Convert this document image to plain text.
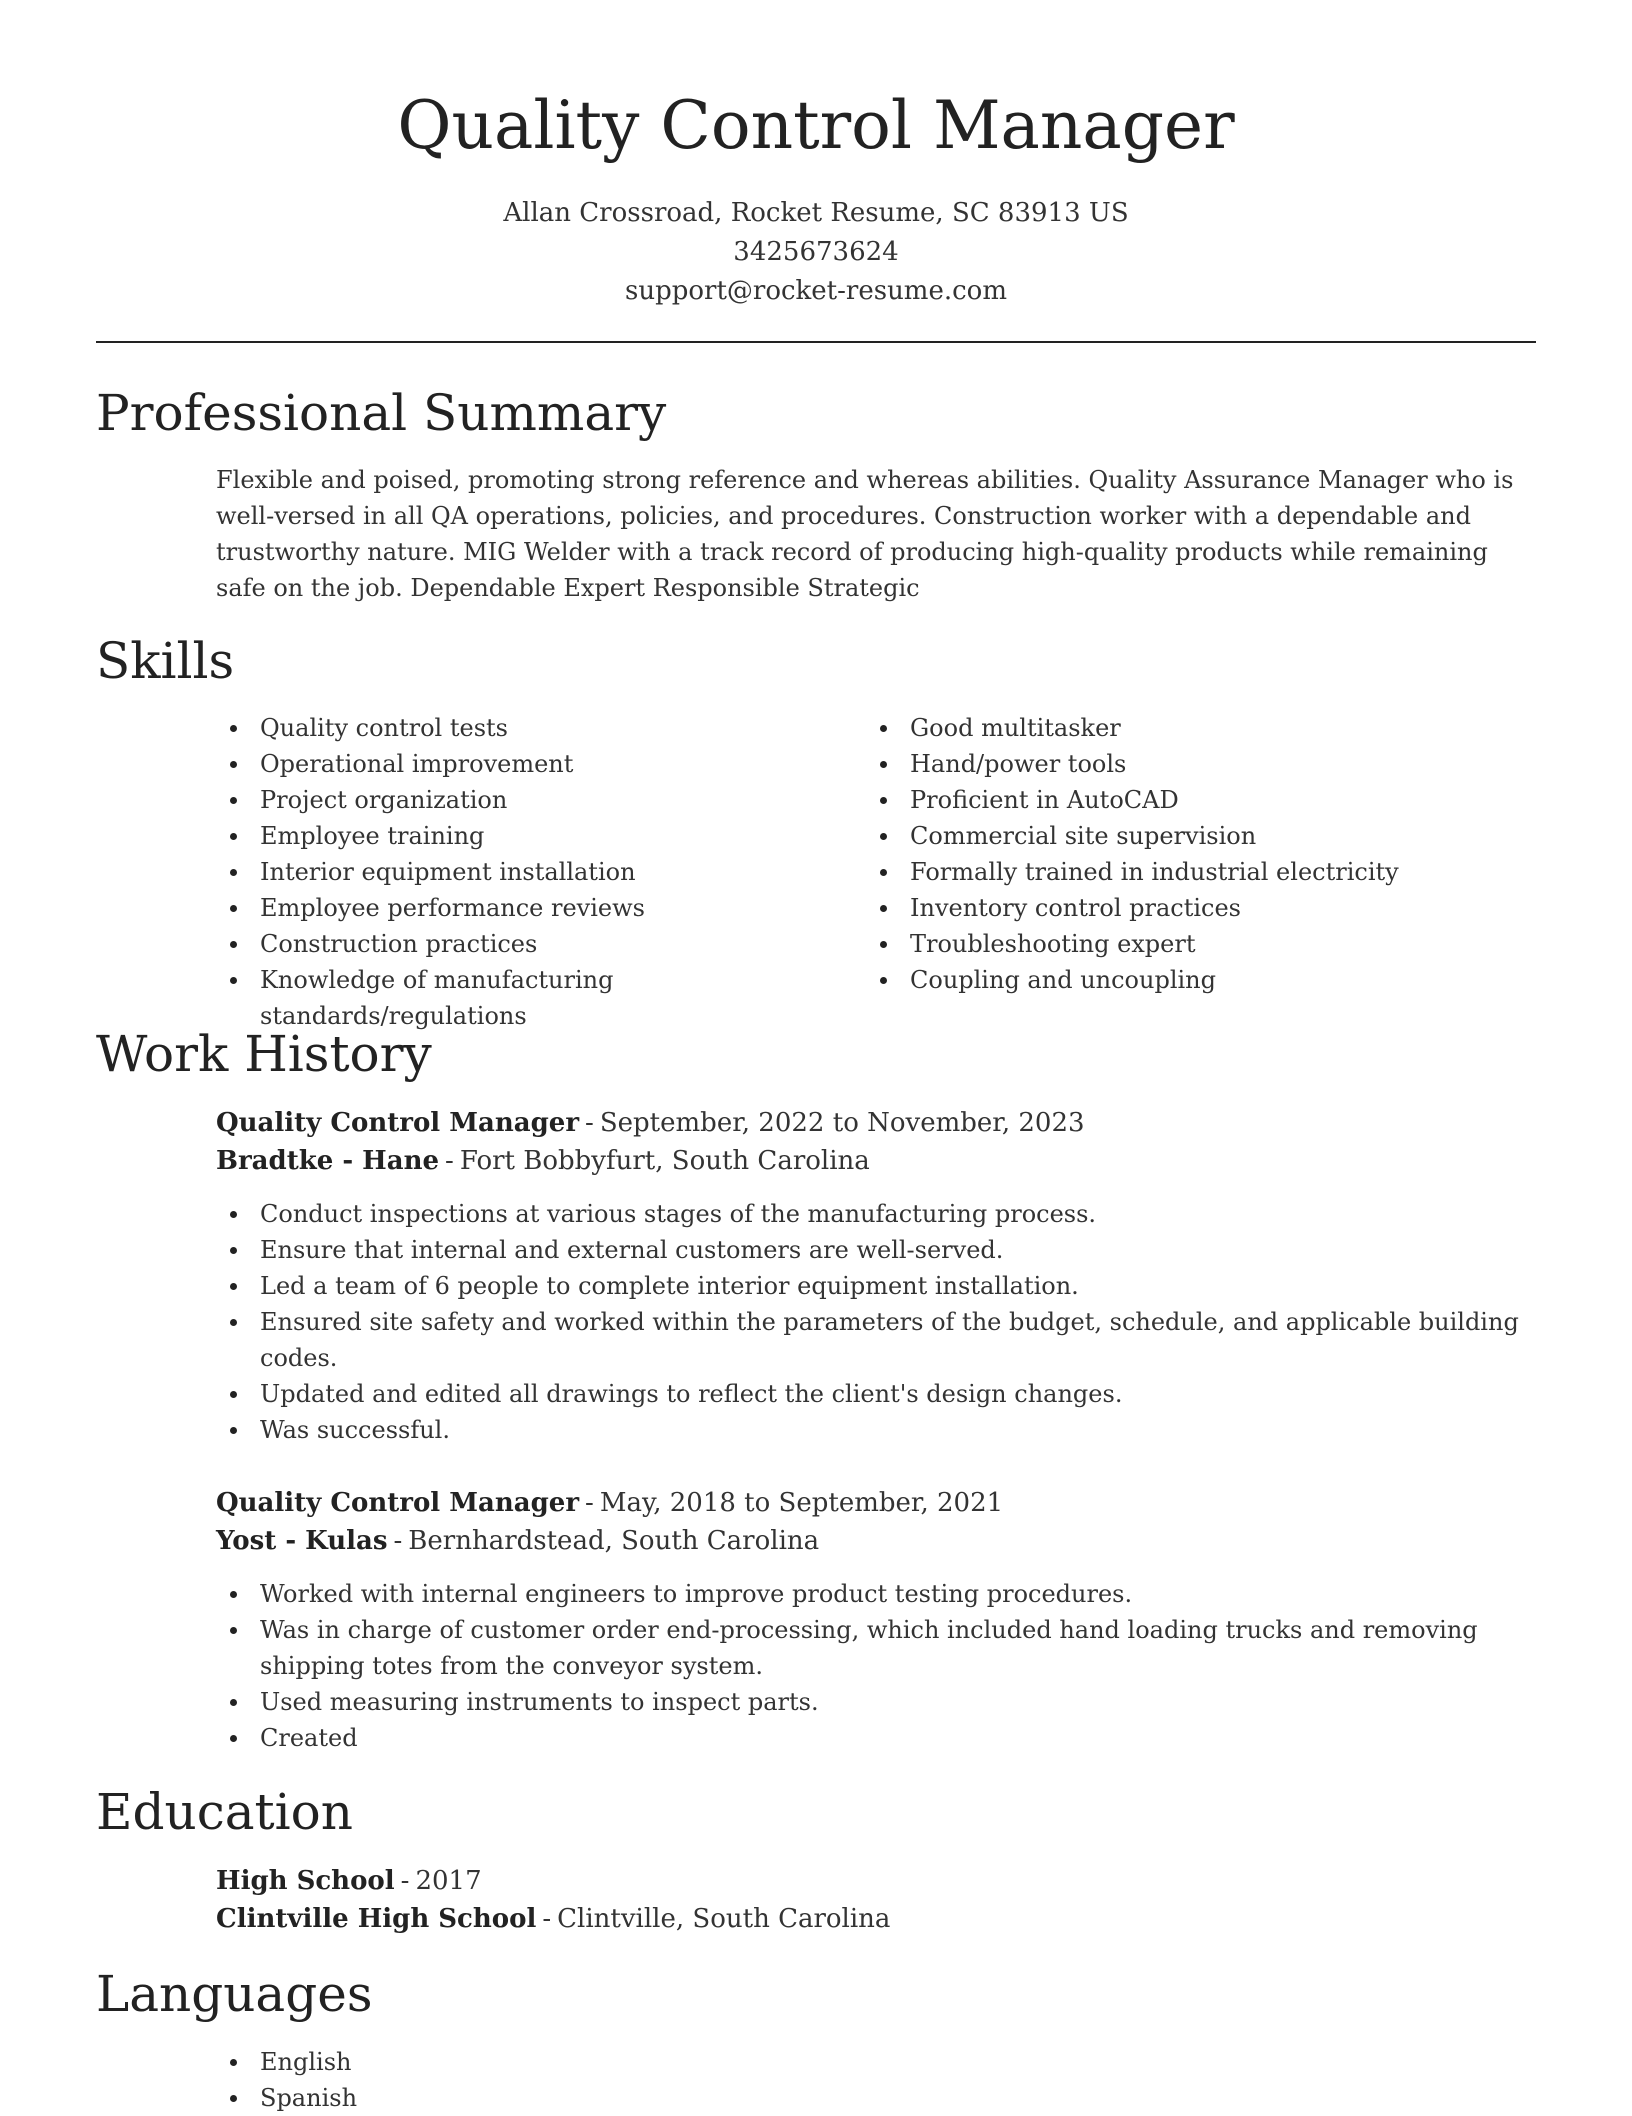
Quality Control Manager
Allan Crossroad, Rocket Resume, SC 83913 US
3425673624
support@rocket-resume.com
Professional Summary

Flexible and poised, promoting strong reference and whereas abilities. Quality Assurance Manager who is well-versed in all QA operations, policies, and procedures. Construction worker with a dependable and trustworthy nature. MIG Welder with a track record of producing high-quality products while remaining safe on the job. Dependable Expert Responsible Strategic

Skills
Quality control tests
Operational improvement
Project organization
Employee training
Interior equipment installation
Employee performance reviews
Construction practices
Knowledge of manufacturing standards/regulations
Good multitasker
Hand/power tools
Proficient in AutoCAD
Commercial site supervision
Formally trained in industrial electricity
Inventory control practices
Troubleshooting expert
Coupling and uncoupling
Work History
Quality Control Manager - September, 2022 to November, 2023
Bradtke - Hane - Fort Bobbyfurt, South Carolina
Conduct inspections at various stages of the manufacturing process.
Ensure that internal and external customers are well-served.
Led a team of 6 people to complete interior equipment installation.
Ensured site safety and worked within the parameters of the budget, schedule, and applicable building codes.
Updated and edited all drawings to reflect the client's design changes.
Was successful.
Quality Control Manager - May, 2018 to September, 2021
Yost - Kulas - Bernhardstead, South Carolina
Worked with internal engineers to improve product testing procedures.
Was in charge of customer order end-processing, which included hand loading trucks and removing shipping totes from the conveyor system.
Used measuring instruments to inspect parts.
Created
Education
High School - 2017
Clintville High School - Clintville, South Carolina
Languages
English
Spanish
